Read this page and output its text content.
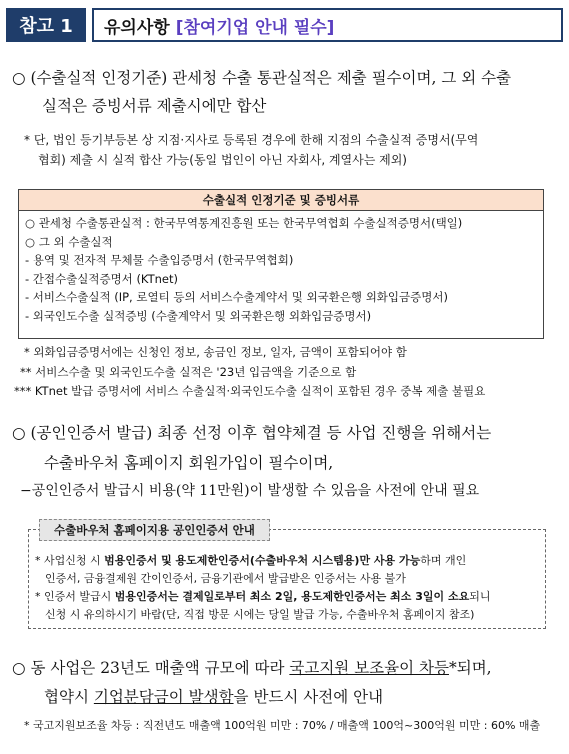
참고 1	유의사항 [참여기업 안내 필수]
○ (수출실적 인정기준) 관세청 수출 통관실적은 제출 필수이며, 그 외 수출
실적은 증빙서류 제출시에만 합산
* 단, 법인 등기부등본 상 지점·지사로 등록된 경우에 한해 지점의 수출실적 증명서(무역
협회) 제출 시 실적 합산 가능(동일 법인이 아닌 자회사, 계열사는 제외)
수출실적 인정기준 및 증빙서류
○ 관세청 수출통관실적 : 한국무역통계진흥원 또는 한국무역협회 수출실적증명서(택일)
○ 그 외 수출실적
- 용역 및 전자적 무체물 수출입증명서 (한국무역협회)
- 간접수출실적증명서 (KTnet)
- 서비스수출실적 (IP, 로열티 등의 서비스수출계약서 및 외국환은행 외화입금증명서)
- 외국인도수출 실적증빙 (수출계약서 및 외국환은행 외화입금증명서)
* 외화입금증명서에는 신청인 정보, 송금인 정보, 일자, 금액이 포함되어야 함
** 서비스수출 및 외국인도수출 실적은 '23년 입금액을 기준으로 함
*** KTnet 발급 증명서에 서비스 수출실적·외국인도수출 실적이 포함된 경우 중복 제출 불필요
○ (공인인증서 발급) 최종 선정 이후 협약체결 등 사업 진행을 위해서는
수출바우처 홈페이지 회원가입이 필수이며,
−공인인증서 발급시 비용(약 11만원)이 발생할 수 있음을 사전에 안내 필요
수출바우처 홈페이지용 공인인증서 안내
* 사업신청 시 범용인증서 및 용도제한인증서(수출바우처 시스템용)만 사용 가능하며 개인
인증서, 금융결제원 간이인증서, 금융기관에서 발급받은 인증서는 사용 불가
* 인증서 발급시 범용인증서는 결제일로부터 최소 2일, 용도제한인증서는 최소 3일이 소요되니
신청 시 유의하시기 바람(단, 직접 방문 시에는 당일 발급 가능, 수출바우처 홈페이지 참조)
○ 동 사업은 23년도 매출액 규모에 따라 국고지원 보조율이 차등*되며,
협약시 기업분담금이 발생함을 반드시 사전에 안내
* 국고지원보조율 차등 : 직전년도 매출액 100억원 미만 : 70% / 매출액 100억~300억원 미만 : 60% 매출
